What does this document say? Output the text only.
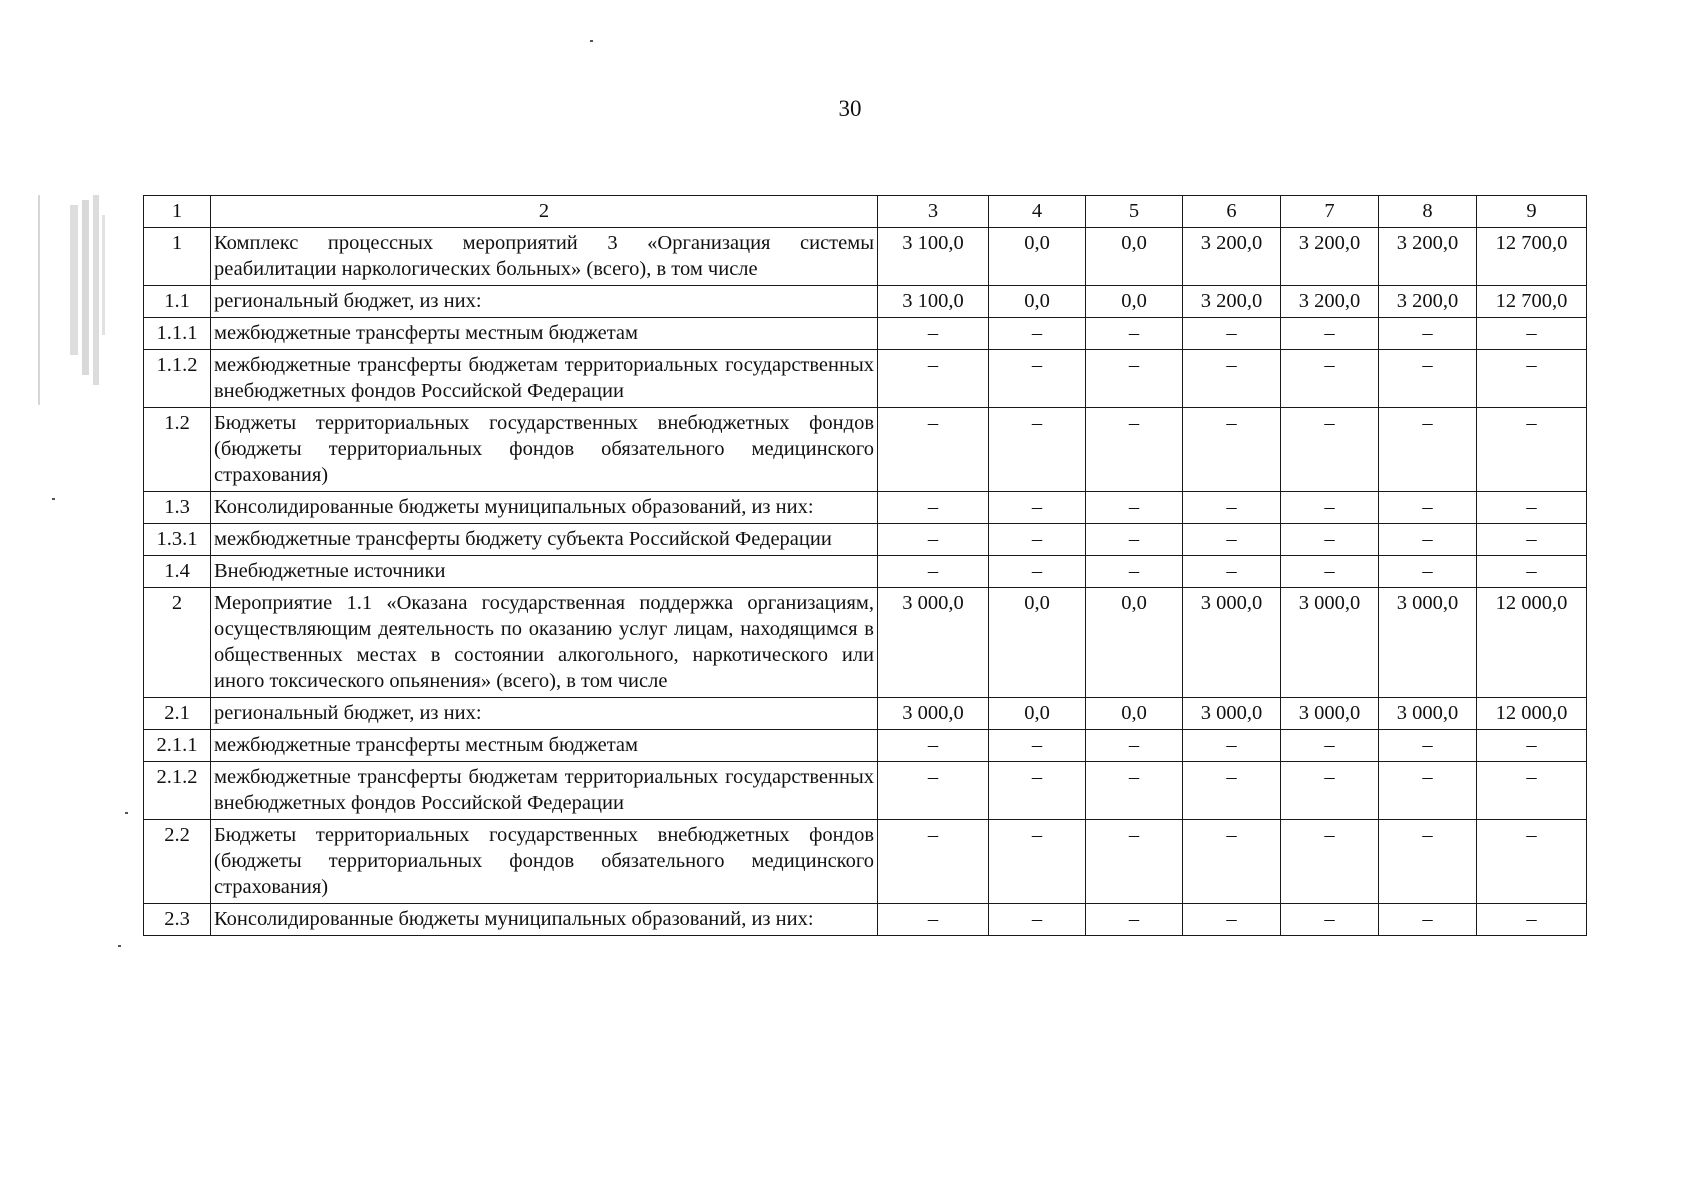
30
1	2	3	4	5	6	7	8	9
1	Комплекс процессных мероприятий 3 «Организация системы реабилитации наркологических больных» (всего), в том числе	3 100,0	0,0	0,0	3 200,0	3 200,0	3 200,0	12 700,0
1.1	региональный бюджет, из них:	3 100,0	0,0	0,0	3 200,0	3 200,0	3 200,0	12 700,0
1.1.1	межбюджетные трансферты местным бюджетам	–	–	–	–	–	–	–
1.1.2	межбюджетные трансферты бюджетам территориальных государственных внебюджетных фондов Российской Федерации	–	–	–	–	–	–	–
1.2	Бюджеты территориальных государственных внебюджетных фондов (бюджеты территориальных фондов обязательного медицинского страхования)	–	–	–	–	–	–	–
1.3	Консолидированные бюджеты муниципальных образований, из них:	–	–	–	–	–	–	–
1.3.1	межбюджетные трансферты бюджету субъекта Российской Федерации	–	–	–	–	–	–	–
1.4	Внебюджетные источники	–	–	–	–	–	–	–
2	Мероприятие 1.1 «Оказана государственная поддержка организациям, осуществляющим деятельность по оказанию услуг лицам, находящимся в общественных местах в состоянии алкогольного, наркотического или иного токсического опьянения» (всего), в том числе	3 000,0	0,0	0,0	3 000,0	3 000,0	3 000,0	12 000,0
2.1	региональный бюджет, из них:	3 000,0	0,0	0,0	3 000,0	3 000,0	3 000,0	12 000,0
2.1.1	межбюджетные трансферты местным бюджетам	–	–	–	–	–	–	–
2.1.2	межбюджетные трансферты бюджетам территориальных государственных внебюджетных фондов Российской Федерации	–	–	–	–	–	–	–
2.2	Бюджеты территориальных государственных внебюджетных фондов (бюджеты территориальных фондов обязательного медицинского страхования)	–	–	–	–	–	–	–
2.3	Консолидированные бюджеты муниципальных образований, из них:	–	–	–	–	–	–	–
